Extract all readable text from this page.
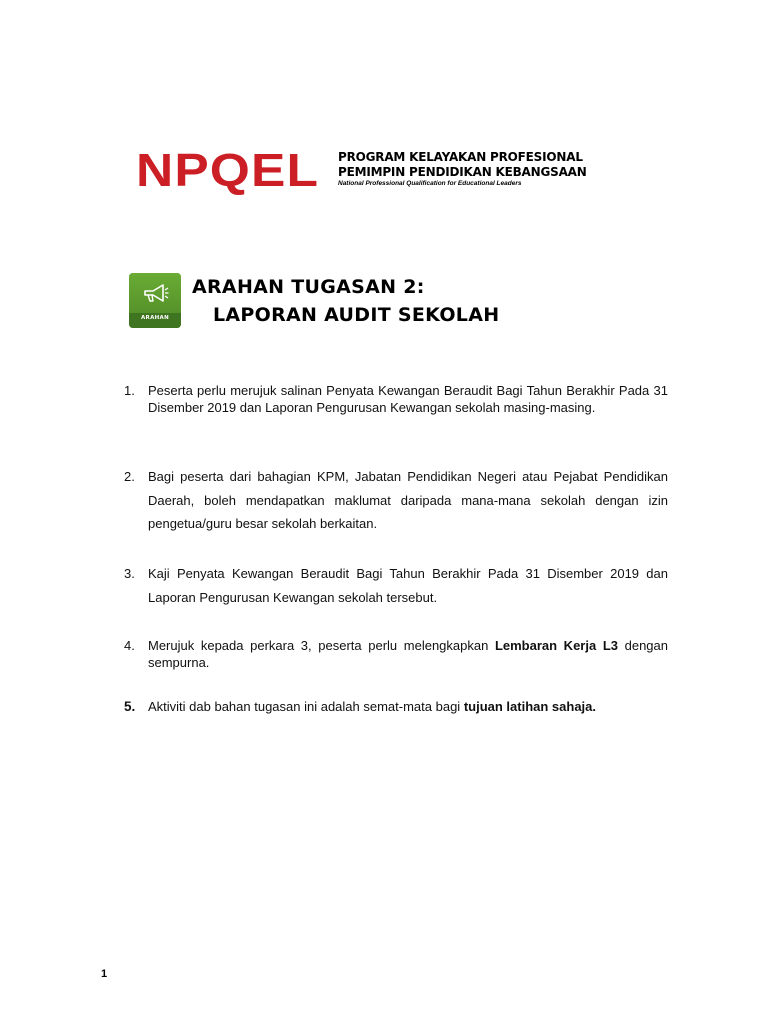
NPQEL PROGRAM KELAYAKAN PROFESIONAL
PEMIMPIN PENDIDIKAN KEBANGSAAN
National Professional Qualification for Educational Leaders
ARAHAN
ARAHAN TUGASAN 2:
LAPORAN AUDIT SEKOLAH
1.	Peserta perlu merujuk salinan Penyata Kewangan Beraudit Bagi Tahun Berakhir Pada 31 Disember 2019 dan Laporan Pengurusan Kewangan sekolah masing-masing.
2.	Bagi peserta dari bahagian KPM, Jabatan Pendidikan Negeri atau Pejabat Pendidikan Daerah, boleh mendapatkan maklumat daripada mana-mana sekolah dengan izin pengetua/guru besar sekolah berkaitan.
3.	Kaji Penyata Kewangan Beraudit Bagi Tahun Berakhir Pada 31 Disember 2019 dan Laporan Pengurusan Kewangan sekolah tersebut.
4.	Merujuk kepada perkara 3, peserta perlu melengkapkan Lembaran Kerja L3 dengan sempurna.
5. Aktiviti dab bahan tugasan ini adalah semat-mata bagi tujuan latihan sahaja.
1
